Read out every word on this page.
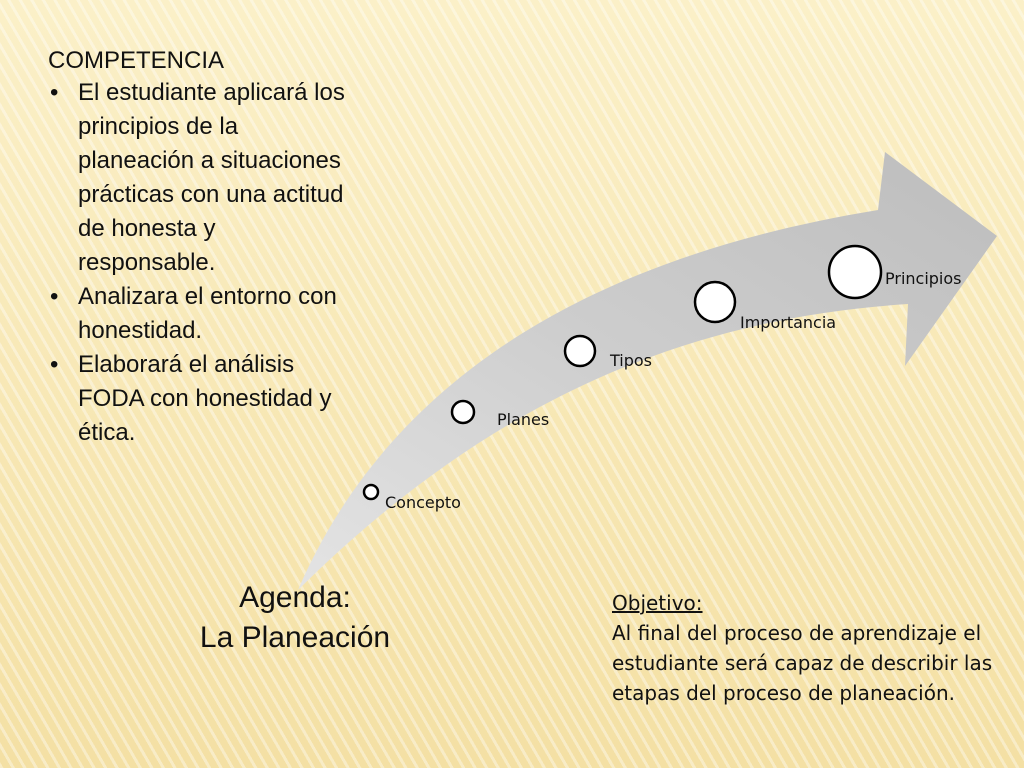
Concepto
Planes
Tipos
Importancia
Principios
COMPETENCIA
• El estudiante aplicará los principios de la planeación a situaciones prácticas con una actitud de honesta y responsable.
• Analizara el entorno con honestidad.
• Elaborará el análisis FODA con honestidad y ética.
Agenda:
La Planeación
Objetivo:
Al final del proceso de aprendizaje el estudiante será capaz de describir las etapas del proceso de planeación.
